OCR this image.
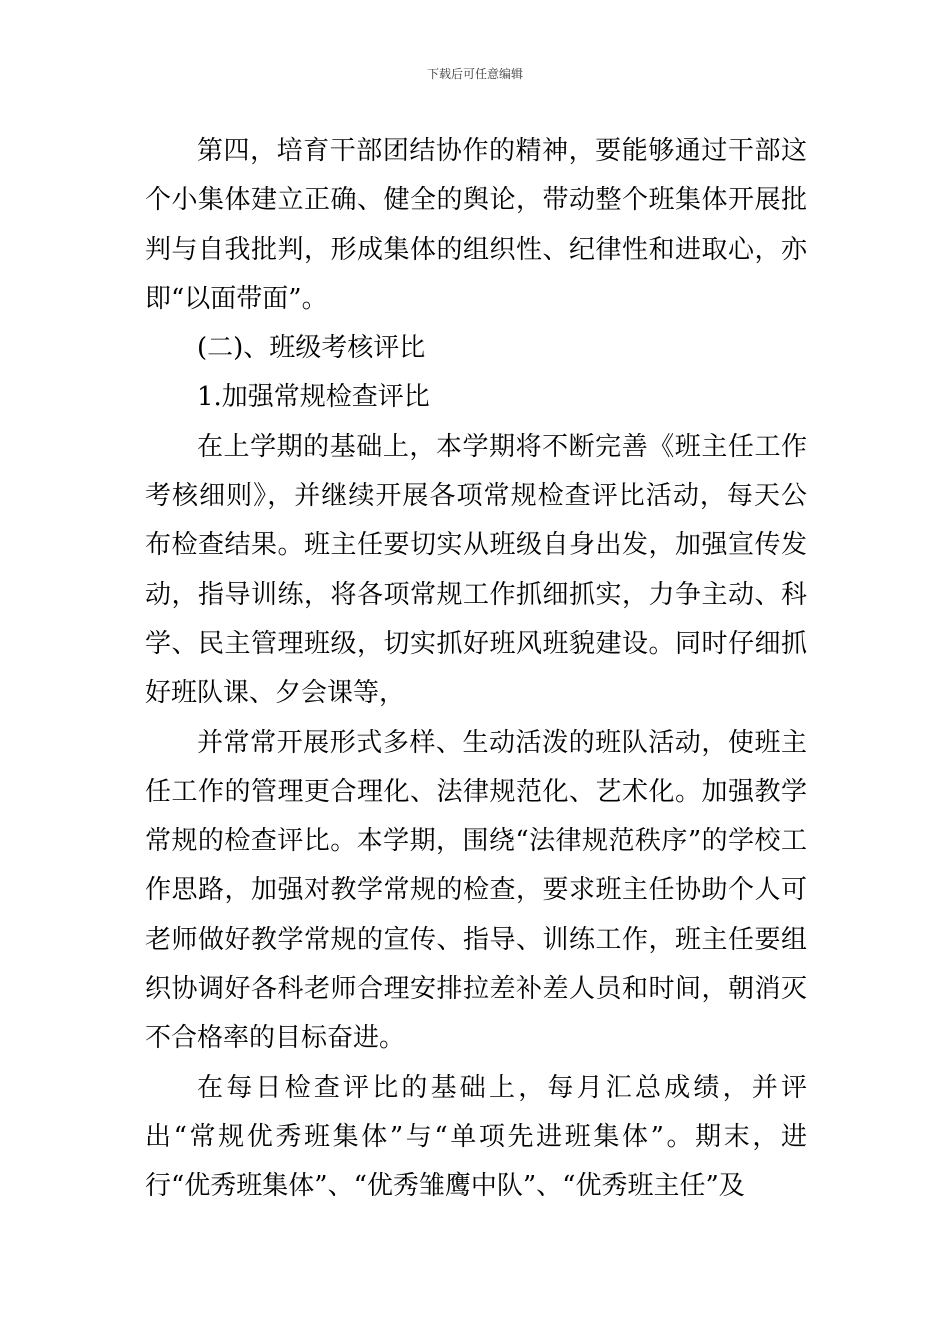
下载后可任意编辑

第四，培育干部团结协作的精神，要能够通过干部这个小集体建立正确、健全的舆论，带动整个班集体开展批判与自我批判，形成集体的组织性、纪律性和进取心，亦即“以面带面”。

(二)、班级考核评比

1.加强常规检查评比

在上学期的基础上，本学期将不断完善《班主任工作考核细则》，并继续开展各项常规检查评比活动，每天公布检查结果。班主任要切实从班级自身出发，加强宣传发动，指导训练，将各项常规工作抓细抓实，力争主动、科学、民主管理班级，切实抓好班风班貌建设。同时仔细抓好班队课、夕会课等，

并常常开展形式多样、生动活泼的班队活动，使班主任工作的管理更合理化、法律规范化、艺术化。加强教学常规的检查评比。本学期，围绕“法律规范秩序”的学校工作思路，加强对教学常规的检查，要求班主任协助个人可老师做好教学常规的宣传、指导、训练工作，班主任要组织协调好各科老师合理安排拉差补差人员和时间，朝消灭不合格率的目标奋进。

在每日检查评比的基础上，每月汇总成绩，并评出“常规优秀班集体”与“单项先进班集体”。期末，进行“优秀班集体”、“优秀雏鹰中队”、“优秀班主任”及
